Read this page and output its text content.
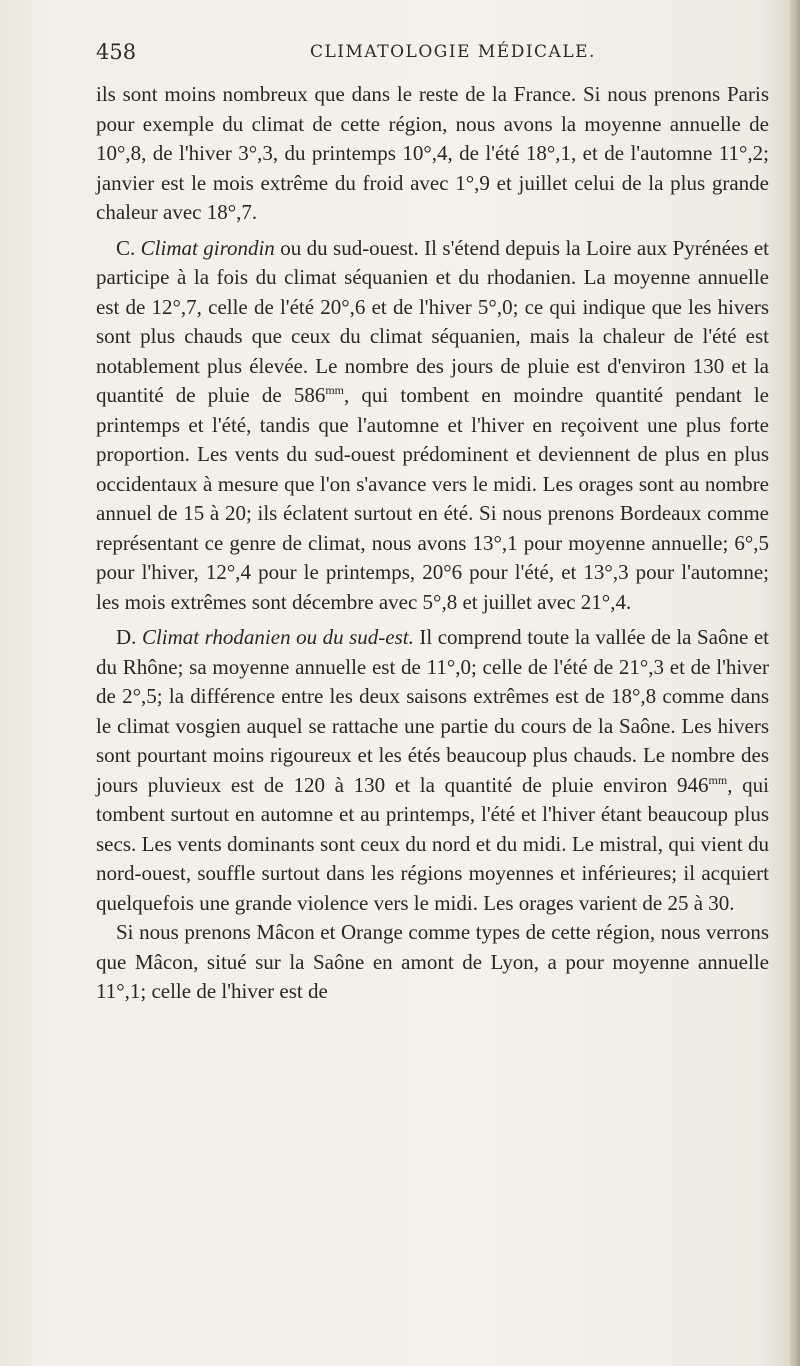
458	CLIMATOLOGIE MÉDICALE.

ils sont moins nombreux que dans le reste de la France. Si nous prenons Paris pour exemple du climat de cette région, nous avons la moyenne annuelle de 10°,8, de l'hiver 3°,3, du printemps 10°,4, de l'été 18°,1, et de l'automne 11°,2; janvier est le mois extrême du froid avec 1°,9 et juillet celui de la plus grande chaleur avec 18°,7.

C. Climat girondin ou du sud-ouest. Il s'étend depuis la Loire aux Pyrénées et participe à la fois du climat séquanien et du rhodanien. La moyenne annuelle est de 12°,7, celle de l'été 20°,6 et de l'hiver 5°,0; ce qui indique que les hivers sont plus chauds que ceux du climat séquanien, mais la chaleur de l'été est notablement plus élevée. Le nombre des jours de pluie est d'environ 130 et la quantité de pluie de $586^{mm}$, qui tombent en moindre quantité pendant le printemps et l'été, tandis que l'automne et l'hiver en reçoivent une plus forte proportion. Les vents du sud-ouest prédominent et deviennent de plus en plus occidentaux à mesure que l'on s'avance vers le midi. Les orages sont au nombre annuel de 15 à 20; ils éclatent surtout en été. Si nous prenons Bordeaux comme représentant ce genre de climat, nous avons 13°,1 pour moyenne annuelle; 6°,5 pour l'hiver, 12°,4 pour le printemps, 20°6 pour l'été, et 13°,3 pour l'automne; les mois extrêmes sont décembre avec 5°,8 et juillet avec 21°,4.

D. Climat rhodanien ou du sud-est. Il comprend toute la vallée de la Saône et du Rhône; sa moyenne annuelle est de 11°,0; celle de l'été de 21°,3 et de l'hiver de 2°,5; la différence entre les deux saisons extrêmes est de 18°,8 comme dans le climat vosgien auquel se rattache une partie du cours de la Saône. Les hivers sont pourtant moins rigoureux et les étés beaucoup plus chauds. Le nombre des jours pluvieux est de 120 à 130 et la quantité de pluie environ $946^{mm}$, qui tombent surtout en automne et au printemps, l'été et l'hiver étant beaucoup plus secs. Les vents dominants sont ceux du nord et du midi. Le mistral, qui vient du nord-ouest, souffle surtout dans les régions moyennes et inférieures; il acquiert quelquefois une grande violence vers le midi. Les orages varient de 25 à 30.

Si nous prenons Mâcon et Orange comme types de cette région, nous verrons que Mâcon, situé sur la Saône en amont de Lyon, a pour moyenne annuelle 11°,1; celle de l'hiver est de
